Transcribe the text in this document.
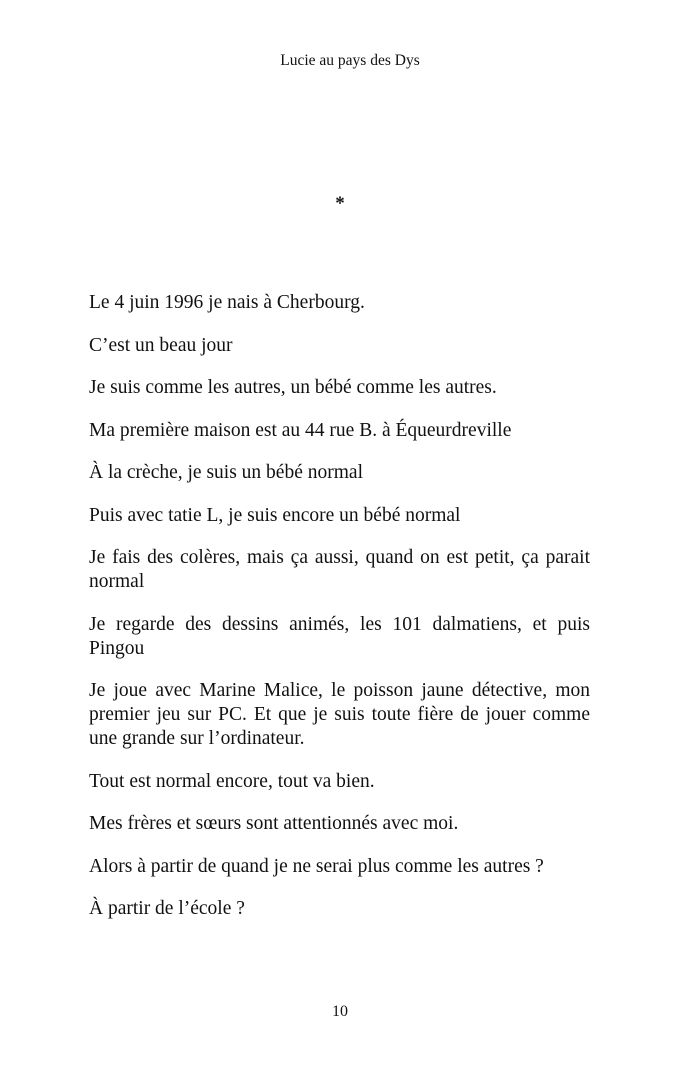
Lucie au pays des Dys
*

Le 4 juin 1996 je nais à Cherbourg.

C’est un beau jour

Je suis comme les autres, un bébé comme les autres.

Ma première maison est au 44 rue B. à Équeurdreville

À la crèche, je suis un bébé normal

Puis avec tatie L, je suis encore un bébé normal

Je fais des colères, mais ça aussi, quand on est petit, ça parait normal

Je regarde des dessins animés, les 101 dalmatiens, et puis Pingou

Je joue avec Marine Malice, le poisson jaune détective, mon premier jeu sur PC. Et que je suis toute fière de jouer comme une grande sur l’ordinateur.

Tout est normal encore, tout va bien.

Mes frères et sœurs sont attentionnés avec moi.

Alors à partir de quand je ne serai plus comme les autres ?

À partir de l’école ?

10
